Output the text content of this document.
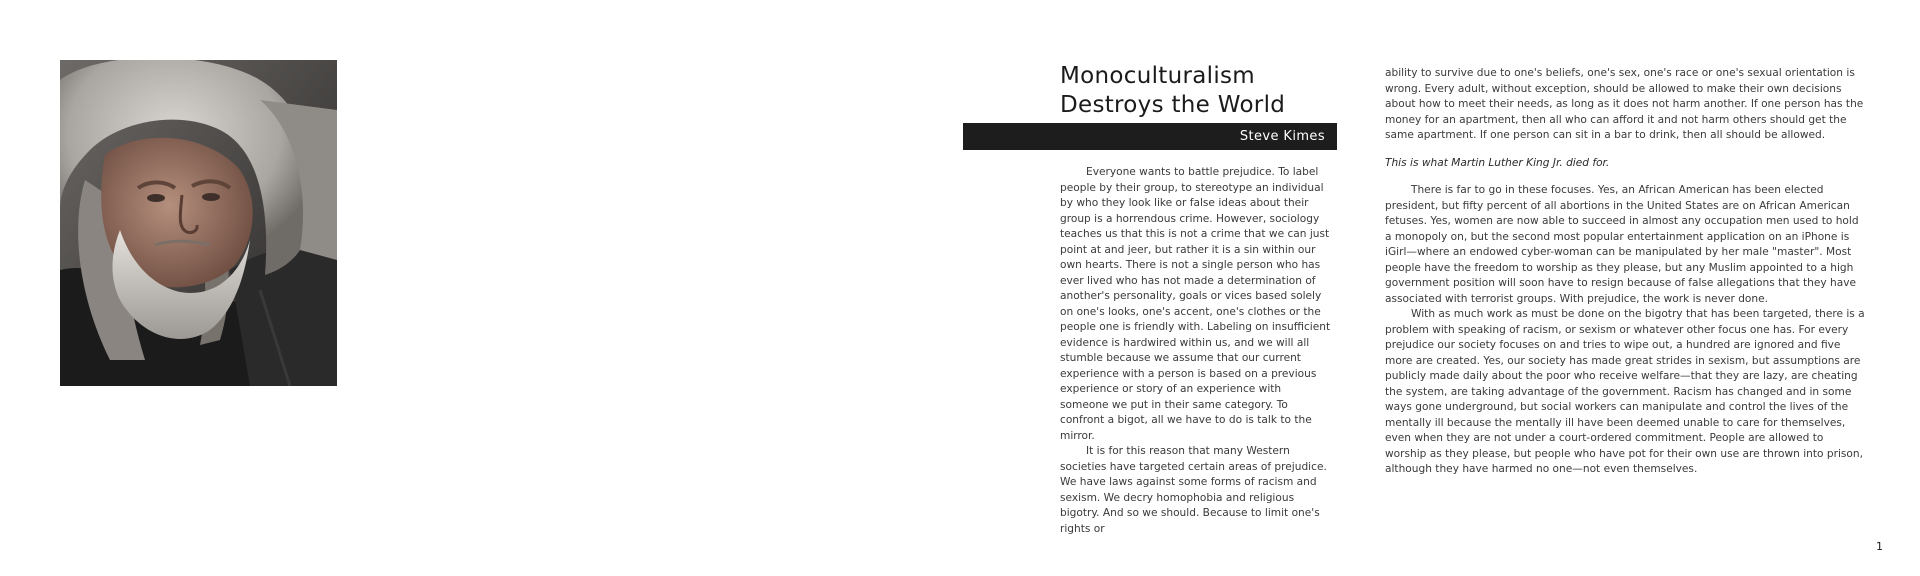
Monoculturalism
Destroys the World
Steve Kimes

Everyone wants to battle prejudice. To label people by their group, to stereotype an individual by who they look like or false ideas about their group is a horrendous crime. However, sociology teaches us that this is not a crime that we can just point at and jeer, but rather it is a sin within our own hearts. There is not a single person who has ever lived who has not made a determination of another's personality, goals or vices based solely on one's looks, one's accent, one's clothes or the people one is friendly with. Labeling on insufficient evidence is hardwired within us, and we will all stumble because we assume that our current experience with a person is based on a previous experience or story of an experience with someone we put in their same category. To confront a bigot, all we have to do is talk to the mirror.

It is for this reason that many Western societies have targeted certain areas of prejudice. We have laws against some forms of racism and sexism. We decry homophobia and religious bigotry. And so we should. Because to limit one's rights or

ability to survive due to one's beliefs, one's sex, one's race or one's sexual orientation is wrong. Every adult, without exception, should be allowed to make their own decisions about how to meet their needs, as long as it does not harm another. If one person has the money for an apartment, then all who can afford it and not harm others should get the same apartment. If one person can sit in a bar to drink, then all should be allowed.

This is what Martin Luther King Jr. died for.

There is far to go in these focuses. Yes, an African American has been elected president, but fifty percent of all abortions in the United States are on African American fetuses. Yes, women are now able to succeed in almost any occupation men used to hold a monopoly on, but the second most popular entertainment application on an iPhone is iGirl—where an endowed cyber-woman can be manipulated by her male "master". Most people have the freedom to worship as they please, but any Muslim appointed to a high government position will soon have to resign because of false allegations that they have associated with terrorist groups. With prejudice, the work is never done.

With as much work as must be done on the bigotry that has been targeted, there is a problem with speaking of racism, or sexism or whatever other focus one has. For every prejudice our society focuses on and tries to wipe out, a hundred are ignored and five more are created. Yes, our society has made great strides in sexism, but assumptions are publicly made daily about the poor who receive welfare—that they are lazy, are cheating the system, are taking advantage of the government. Racism has changed and in some ways gone underground, but social workers can manipulate and control the lives of the mentally ill because the mentally ill have been deemed unable to care for themselves, even when they are not under a court-ordered commitment. People are allowed to worship as they please, but people who have pot for their own use are thrown into prison, although they have harmed no one—not even themselves.

1
